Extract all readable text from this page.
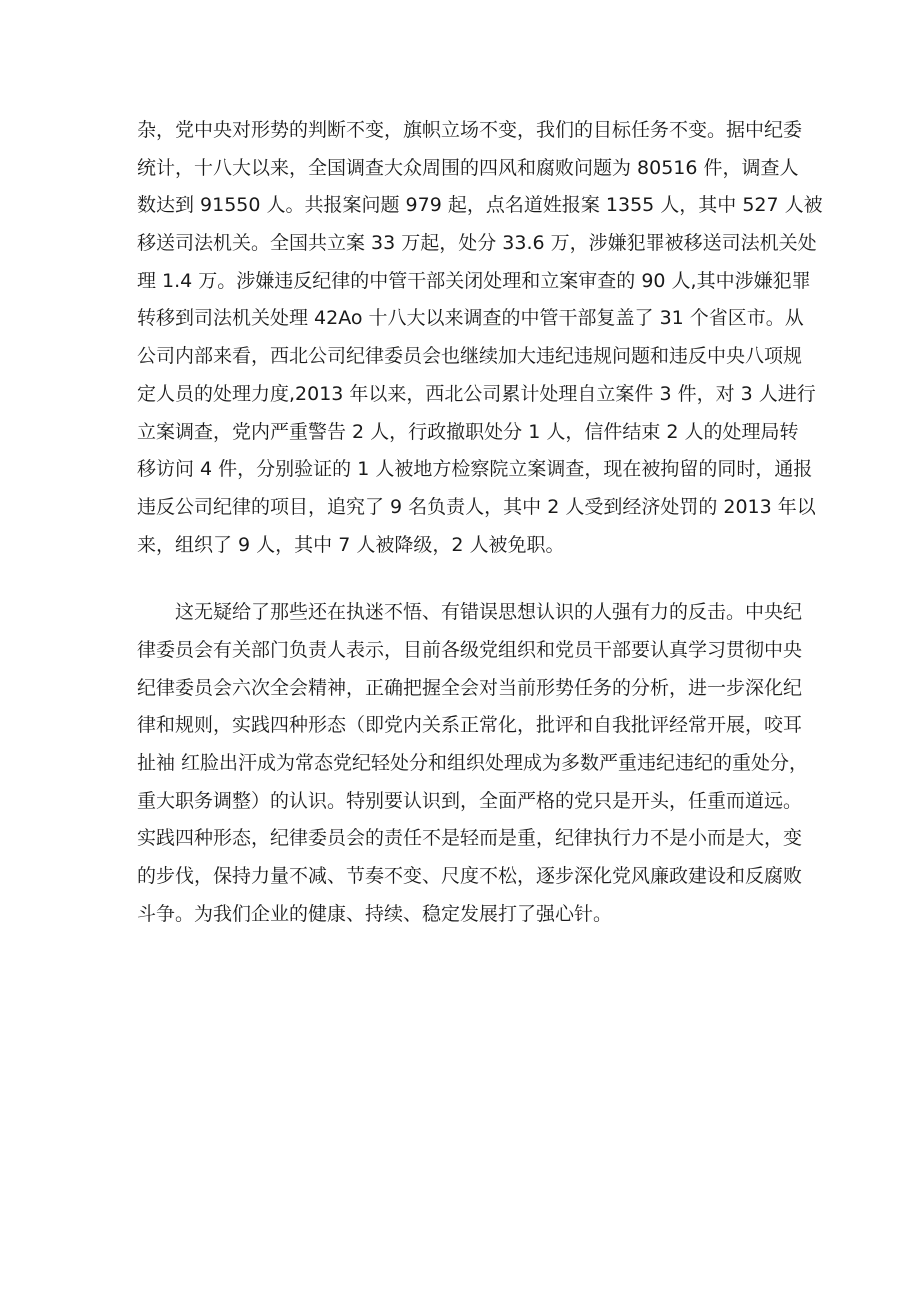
杂，党中央对形势的判断不变，旗帜立场不变，我们的目标任务不变。据中纪委
统计，十八大以来，全国调查大众周围的四风和腐败问题为 80516 件，调查人
数达到 91550 人。共报案问题 979 起，点名道姓报案 1355 人，其中 527 人被
移送司法机关。全国共立案 33 万起，处分 33.6 万，涉嫌犯罪被移送司法机关处
理 1.4 万。涉嫌违反纪律的中管干部关闭处理和立案审查的 90 人,其中涉嫌犯罪
转移到司法机关处理 42Ao 十八大以来调查的中管干部复盖了 31 个省区市。从
公司内部来看，西北公司纪律委员会也继续加大违纪违规问题和违反中央八项规
定人员的处理力度,2013 年以来，西北公司累计处理自立案件 3 件，对 3 人进行
立案调查，党内严重警告 2 人，行政撤职处分 1 人，信件结束 2 人的处理局转
移访问 4 件，分别验证的 1 人被地方检察院立案调查，现在被拘留的同时，通报
违反公司纪律的项目，追究了 9 名负责人，其中 2 人受到经济处罚的 2013 年以
来，组织了 9 人，其中 7 人被降级，2 人被免职。
这无疑给了那些还在执迷不悟、有错误思想认识的人强有力的反击。中央纪
律委员会有关部门负责人表示，目前各级党组织和党员干部要认真学习贯彻中央
纪律委员会六次全会精神，正确把握全会对当前形势任务的分析，进一步深化纪
律和规则，实践四种形态（即党内关系正常化，批评和自我批评经常开展，咬耳
扯袖 红脸出汗成为常态党纪轻处分和组织处理成为多数严重违纪违纪的重处分，
重大职务调整）的认识。特别要认识到，全面严格的党只是开头，任重而道远。
实践四种形态，纪律委员会的责任不是轻而是重，纪律执行力不是小而是大，变
的步伐，保持力量不减、节奏不变、尺度不松，逐步深化党风廉政建设和反腐败
斗争。为我们企业的健康、持续、稳定发展打了强心针。
